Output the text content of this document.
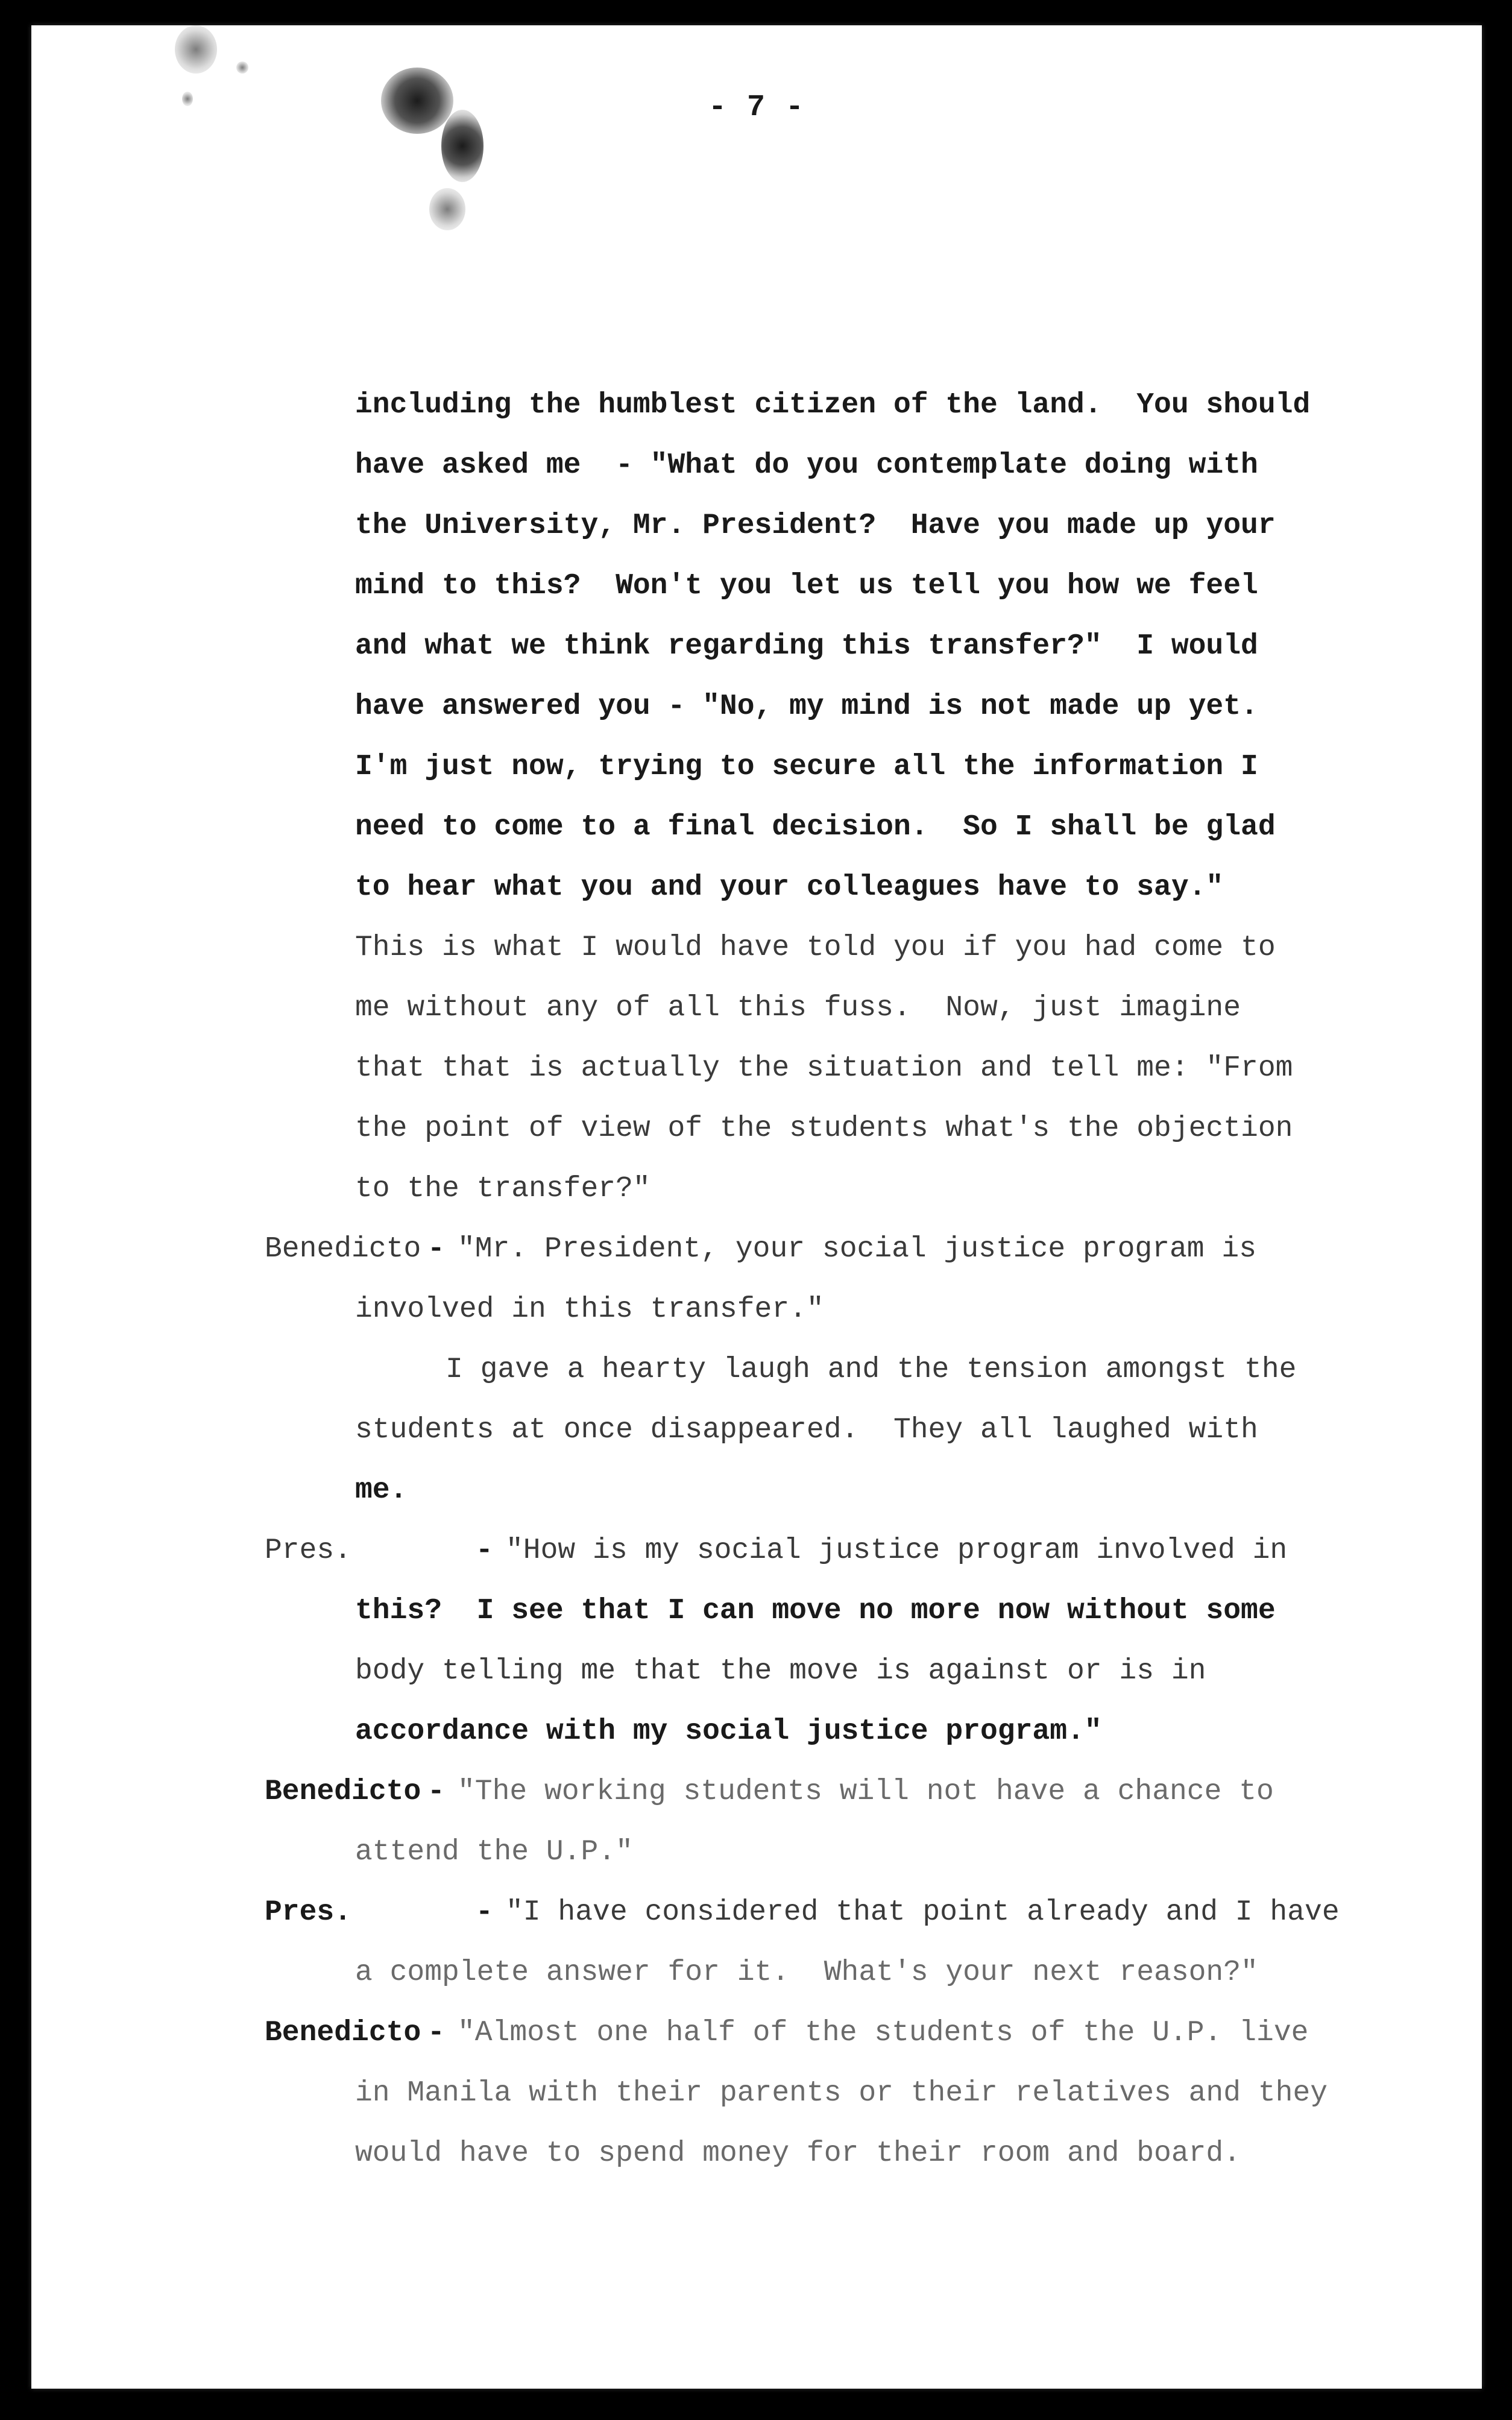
- 7 -
including the humblest citizen of the land.  You should
have asked me  - "What do you contemplate doing with
the University, Mr. President?  Have you made up your
mind to this?  Won't you let us tell you how we feel
and what we think regarding this transfer?"  I would
have answered you - "No, my mind is not made up yet.
I'm just now, trying to secure all the information I
need to come to a final decision.  So I shall be glad
to hear what you and your colleagues have to say."
This is what I would have told you if you had come to
me without any of all this fuss.  Now, just imagine
that that is actually the situation and tell me: "From
the point of view of the students what's the objection
to the transfer?"

Benedicto

-

"Mr. President, your social justice program is

involved in this transfer."
I gave a hearty laugh and the tension amongst the
students at once disappeared.  They all laughed with
me.

Pres.

	-

"How is my social justice program involved in

this?  I see that I can move no more now without some
body telling me that the move is against or is in
accordance with my social justice program."

Benedicto

-

"The working students will not have a chance to

attend the U.P."

Pres.

	-

"I have considered that point already and I have

a complete answer for it.  What's your next reason?"

Benedicto

-

"Almost one half of the students of the U.P. live

in Manila with their parents or their relatives and they
would have to spend money for their room and board.
